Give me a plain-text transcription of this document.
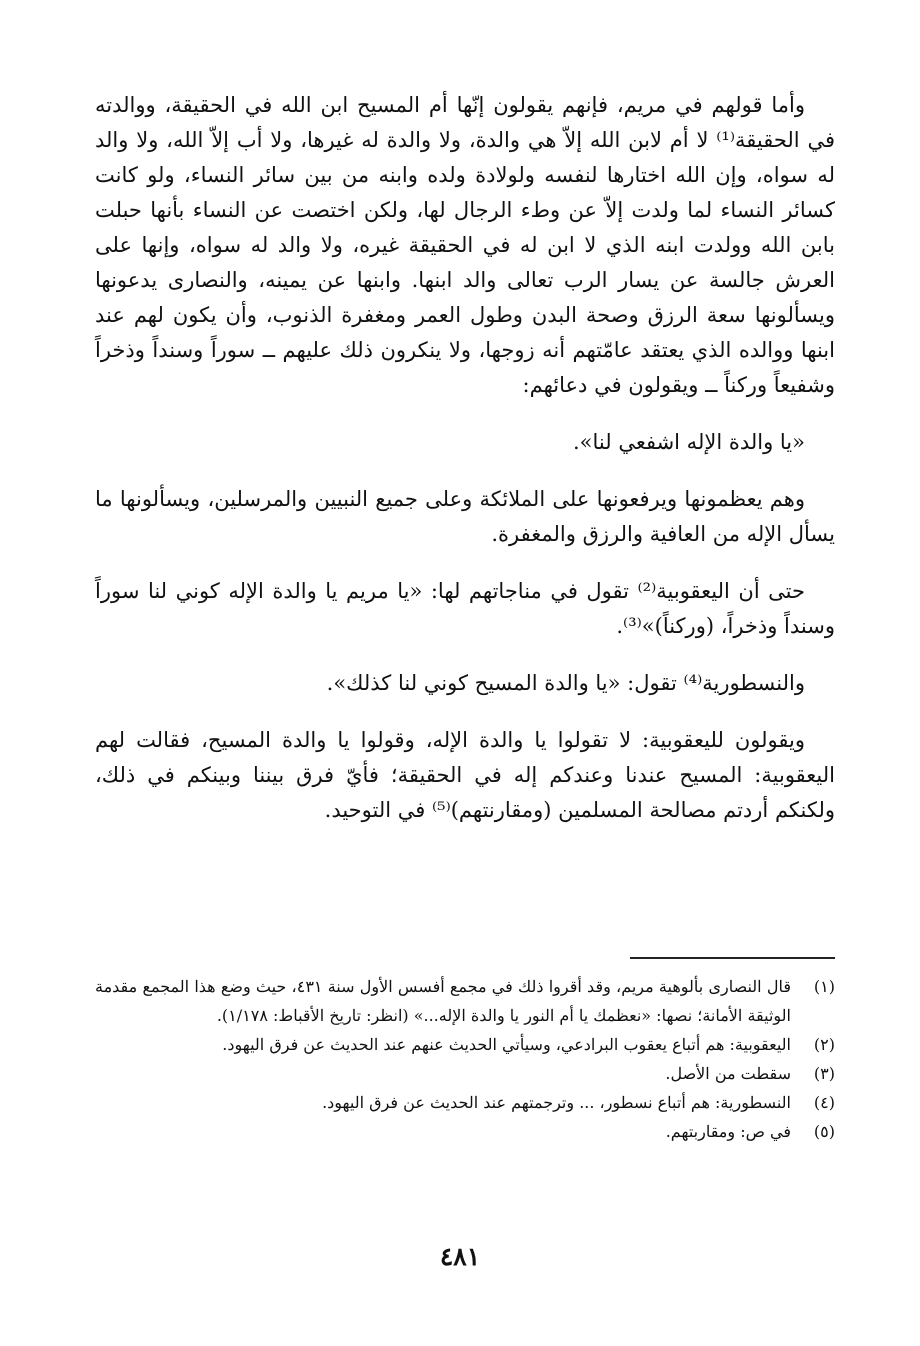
وأما قولهم في مريم، فإنهم يقولون إنّها أم المسيح ابن الله في الحقيقة، ووالدته في الحقيقة⁽¹⁾ لا أم لابن الله إلاّ هي والدة، ولا والدة له غيرها، ولا أب إلاّ الله، ولا والد له سواه، وإن الله اختارها لنفسه ولولادة ولده وابنه من بين سائر النساء، ولو كانت كسائر النساء لما ولدت إلاّ عن وطء الرجال لها، ولكن اختصت عن النساء بأنها حبلت بابن الله وولدت ابنه الذي لا ابن له في الحقيقة غيره، ولا والد له سواه، وإنها على العرش جالسة عن يسار الرب تعالى والد ابنها. وابنها عن يمينه، والنصارى يدعونها ويسألونها سعة الرزق وصحة البدن وطول العمر ومغفرة الذنوب، وأن يكون لهم عند ابنها ووالده الذي يعتقد عامّتهم أنه زوجها، ولا ينكرون ذلك عليهم ــ سوراً وسنداً وذخراً وشفيعاً وركناً ــ ويقولون في دعائهم:

«يا والدة الإله اشفعي لنا».

وهم يعظمونها ويرفعونها على الملائكة وعلى جميع النبيين والمرسلين، ويسألونها ما يسأل الإله من العافية والرزق والمغفرة.

حتى أن اليعقوبية⁽²⁾ تقول في مناجاتهم لها: «يا مريم يا والدة الإله كوني لنا سوراً وسنداً وذخراً، (وركناً)»⁽³⁾.

والنسطورية⁽⁴⁾ تقول: «يا والدة المسيح كوني لنا كذلك».

ويقولون لليعقوبية: لا تقولوا يا والدة الإله، وقولوا يا والدة المسيح، فقالت لهم اليعقوبية: المسيح عندنا وعندكم إله في الحقيقة؛ فأيّ فرق بيننا وبينكم في ذلك، ولكنكم أردتم مصالحة المسلمين (ومقارنتهم)⁽⁵⁾ في التوحيد.

(١)
قال النصارى بألوهية مريم، وقد أقروا ذلك في مجمع أفسس الأول سنة ٤٣١، حيث وضع هذا المجمع مقدمة الوثيقة الأمانة؛ نصها: «نعظمك يا أم النور يا والدة الإله...» (انظر: تاريخ الأقباط: ١/١٧٨).
(٢)
اليعقوبية: هم أتباع يعقوب البرادعي، وسيأتي الحديث عنهم عند الحديث عن فرق اليهود.
(٣)
سقطت من الأصل.
(٤)
النسطورية: هم أتباع نسطور، ... وترجمتهم عند الحديث عن فرق اليهود.
(٥)
في ص: ومقاربتهم.
٤٨١
